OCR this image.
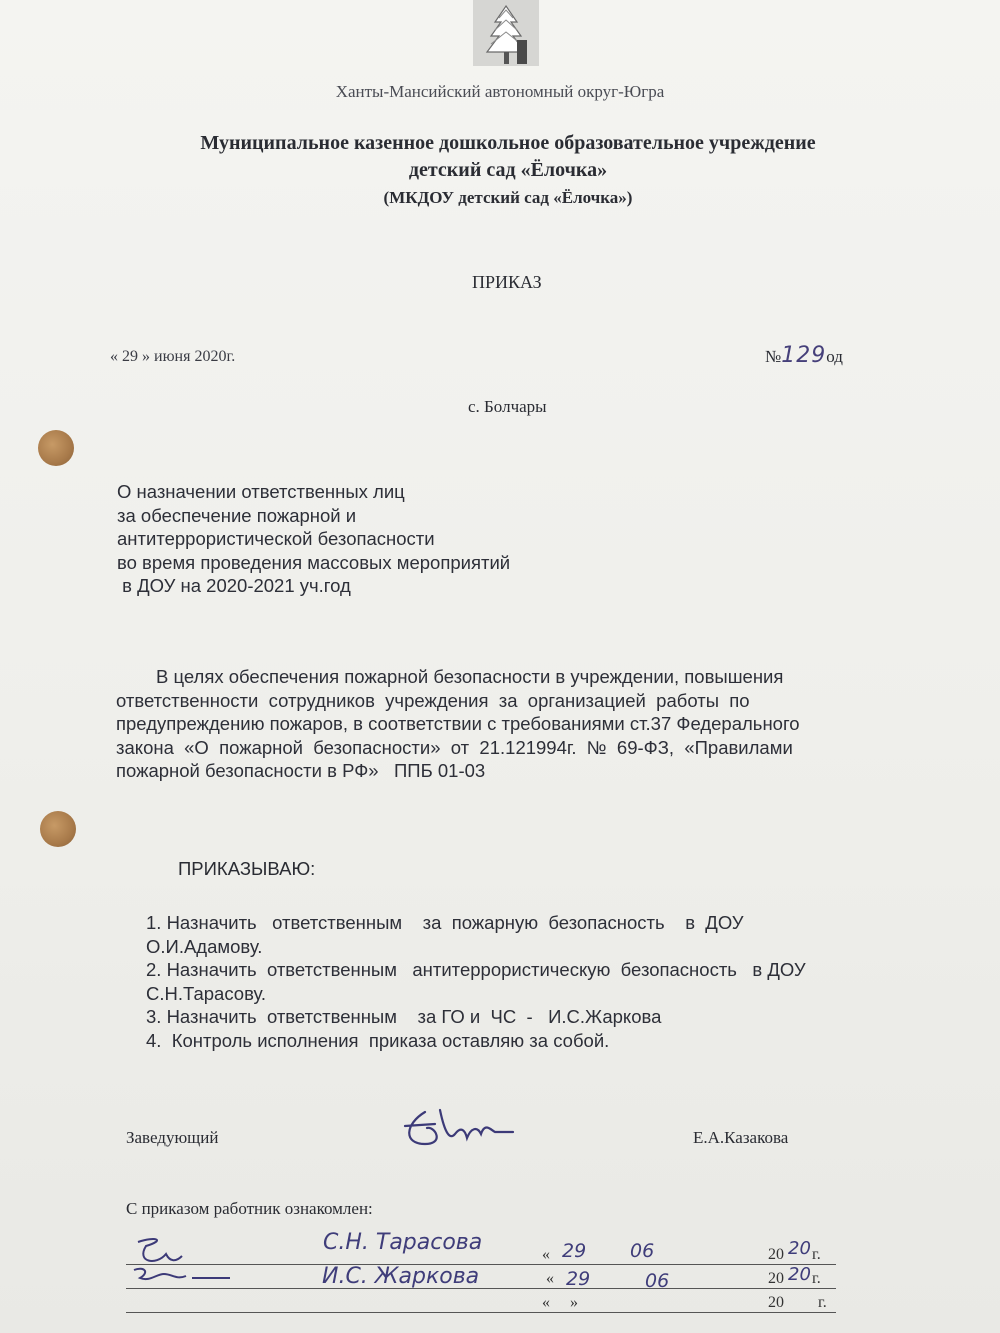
Ханты-Мансийский автономный округ-Югра
Муниципальное казенное дошкольное образовательное учреждение
детский сад «Ёлочка»
(МКДОУ детский сад «Ёлочка»)
ПРИКАЗ
« 29 » июня 2020г.	№129од
с. Болчары
О назначении ответственных лиц
за обеспечение пожарной и
антитеррористической безопасности
во время проведения массовых мероприятий
в ДОУ на 2020-2021 уч.год
В целях обеспечения пожарной безопасности в учреждении, повышения
ответственности  сотрудников  учреждения  за  организацией  работы  по
предупреждению пожаров, в соответствии с требованиями ст.37 Федерального
закона  «О  пожарной  безопасности»  от  21.121994г.  №  69-ФЗ,  «Правилами
пожарной безопасности в РФ»   ППБ 01-03
ПРИКАЗЫВАЮ:
1. Назначить   ответственным    за  пожарную  безопасность    в  ДОУ
О.И.Адамову.
2. Назначить  ответственным   антитеррористическую  безопасность   в ДОУ
С.Н.Тарасову.
3. Назначить  ответственным    за ГО и  ЧС  -   И.С.Жаркова
4.  Контроль исполнения  приказа оставляю за собой.
Заведующий	Е.А.Казакова
С приказом работник ознакомлен:
С.Н. Тарасова	« 29 06	20 20 г.
И.С. Жаркова	« 29	06	20 20 г.
«     »	20 г.
